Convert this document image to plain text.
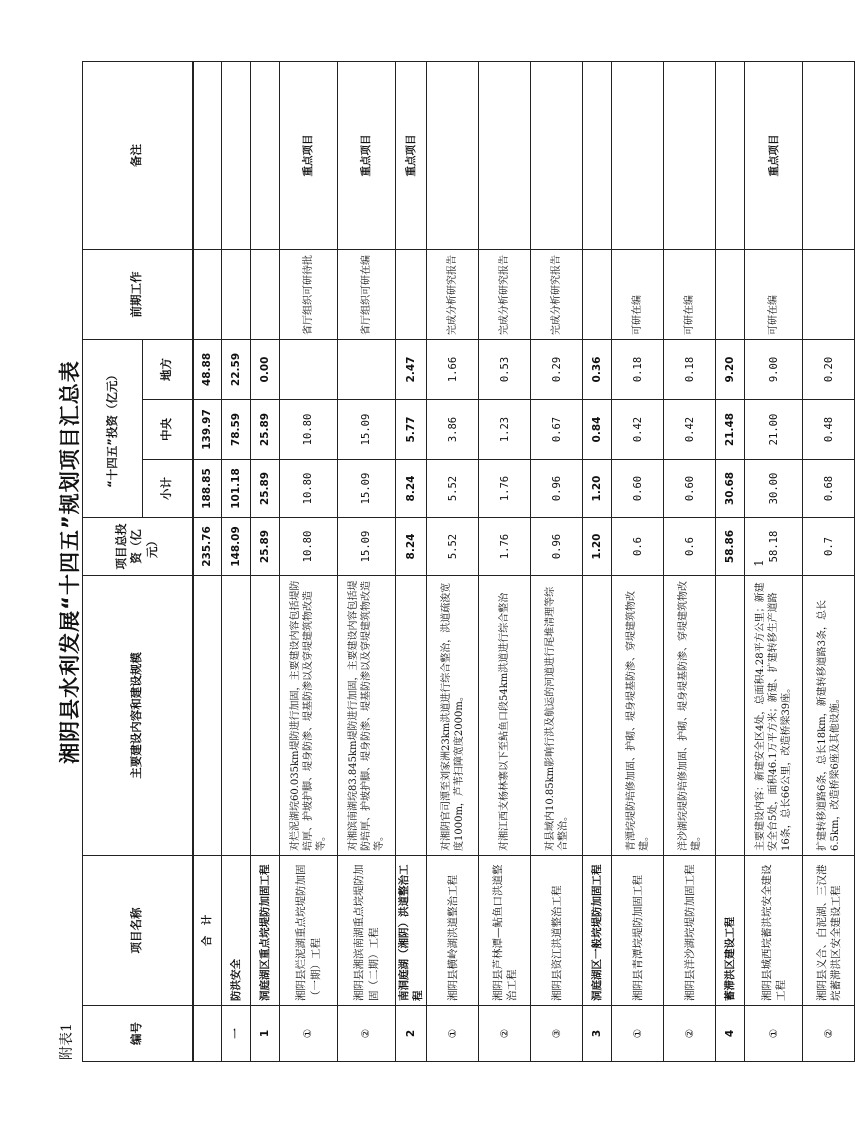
附表1
湘阴县水利发展“十四五”规划项目汇总表
编号	项目名称	主要建设内容和建设规模	项目总投资（亿元）	“十四五”投资（亿元）			前期工作	备注
				小计	中央	地方		
	合　计		235.76	188.85	139.97	48.88		
一	防洪安全		148.09	101.18	78.59	22.59		
1	洞庭湖区重点垸堤防加固工程		25.89	25.89	25.89	0.00		
①	湘阴县烂泥湖重点垸堤防加固（一期）工程	对烂泥湖垸60.035km堤防进行加固，主要建设内容包括堤防培厚、护坡护脚、堤身防渗、堤基防渗以及穿堤建筑物改造等。	10.80	10.80	10.80		省厅组织可研待批	重点项目
②	湘阴县湘滨南湖重点垸堤防加固（二期）工程	对湘滨南湖垸83.845km堤防进行加固，主要建设内容包括堤防培厚、护坡护脚、堤身防渗、堤基防渗以及穿堤建筑物改造等。	15.09	15.09	15.09		省厅组织可研在编	重点项目
2	南洞庭湖（湘阴）洪道整治工程		8.24	8.24	5.77	2.47		重点项目
①	湘阴县横岭湖洪道整治工程	对湘阴官司潭至刘家洲23km洪道进行综合整治，洪道疏浚宽度1000m，芦苇扫障宽度2000m。	5.52	5.52	3.86	1.66	完成分析研究报告	
②	湘阴县芦林潭—鲇鱼口洪道整治工程	对湘江西支杨林寨以下至鲇鱼口段54km洪道进行综合整治	1.76	1.76	1.23	0.53	完成分析研究报告	
③	湘阴县资江洪道整治工程	对县域内10.85km影响行洪及航运的河道进行尾堆清理等综合整治。	0.96	0.96	0.67	0.29	完成分析研究报告	
3	洞庭湖区一般垸堤防加固工程		1.20	1.20	0.84	0.36		
①	湘阴县青潭垸堤防加固工程	青潭垸堤防培修加固、护砌、堤身堤基防渗、穿堤建筑物改建。	0.6	0.60	0.42	0.18	可研在编	
②	湘阴县洋沙湖垸堤防加固工程	洋沙湖垸堤防培修加固、护砌、堤身堤基防渗、穿堤建筑物改建。	0.6	0.60	0.42	0.18	可研在编	
4	蓄滞洪区建设工程		58.86	30.68	21.48	9.20		
①	湘阴县城西垸蓄洪垸安全建设工程	主要建设内容：新建安全区4处，总面积4.28平方公里；新建安全台5处，面积46.1万平方米；新建、扩建转移生产道路16条，总长66公里，改造桥梁39座。	58.18	30.00	21.00	9.00	可研在编	重点项目
②	湘阴县义合、白泥湖、三汉港垸蓄滞洪区安全建设工程	扩建转移道路6条，总长18km，新建转移道路3条，总长6.5km，改造桥梁6座及其他设施。	0.7	0.68	0.48	0.20		
1
